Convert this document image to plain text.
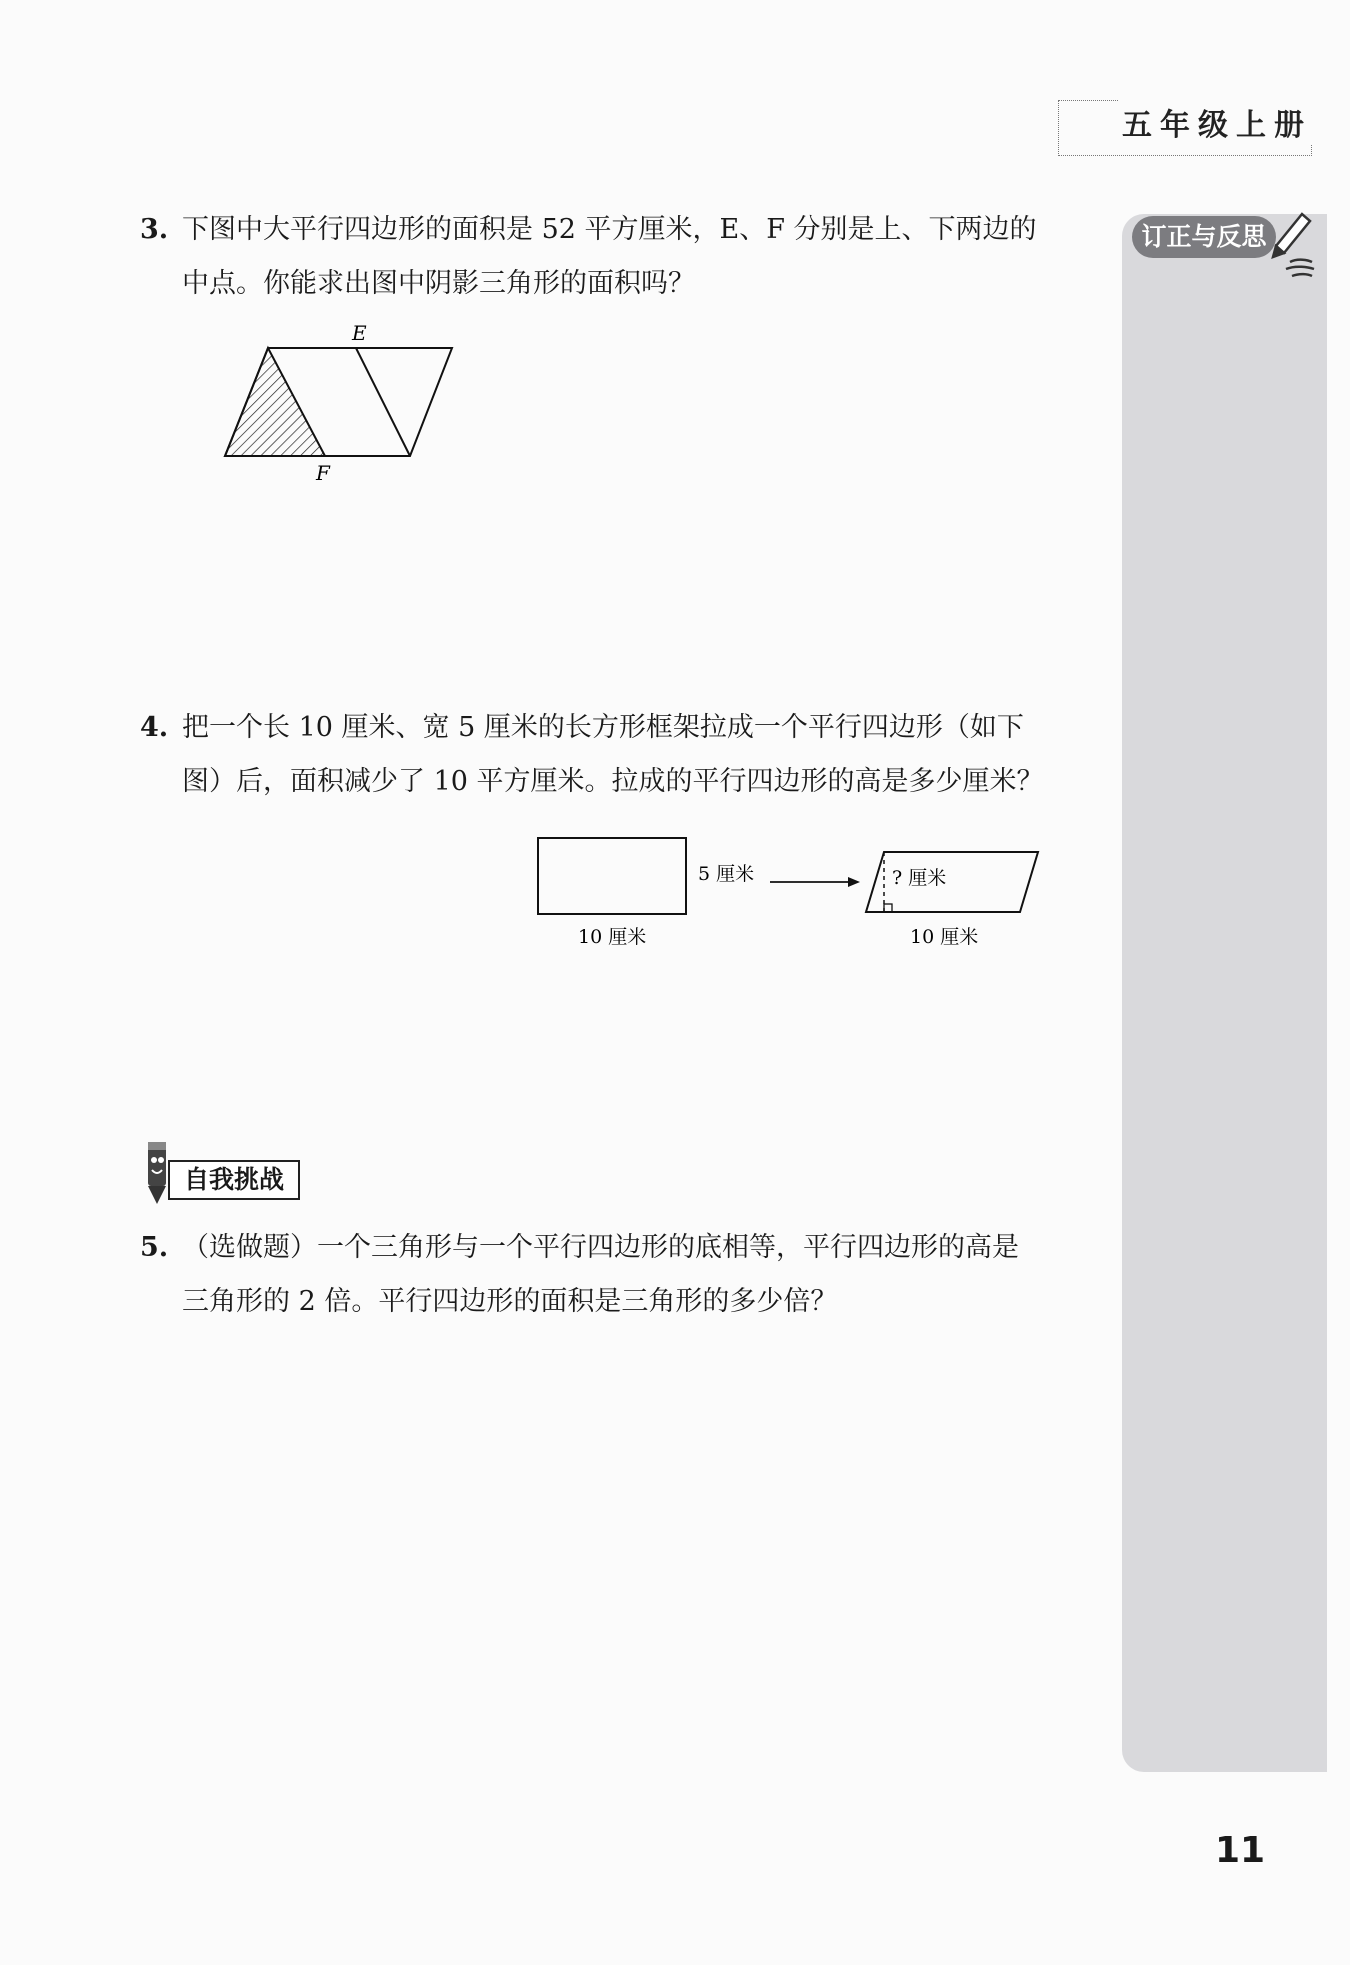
五年级上册
订正与反思
3. 下图中大平行四边形的面积是 52 平方厘米，E、F 分别是上、下两边的
中点。你能求出图中阴影三角形的面积吗？
E
F
4. 把一个长 10 厘米、宽 5 厘米的长方形框架拉成一个平行四边形（如下
图）后，面积减少了 10 平方厘米。拉成的平行四边形的高是多少厘米？
10 厘米
5 厘米	? 厘米
10 厘米
自我挑战
5. （选做题）一个三角形与一个平行四边形的底相等，平行四边形的高是
三角形的 2 倍。平行四边形的面积是三角形的多少倍？
11
